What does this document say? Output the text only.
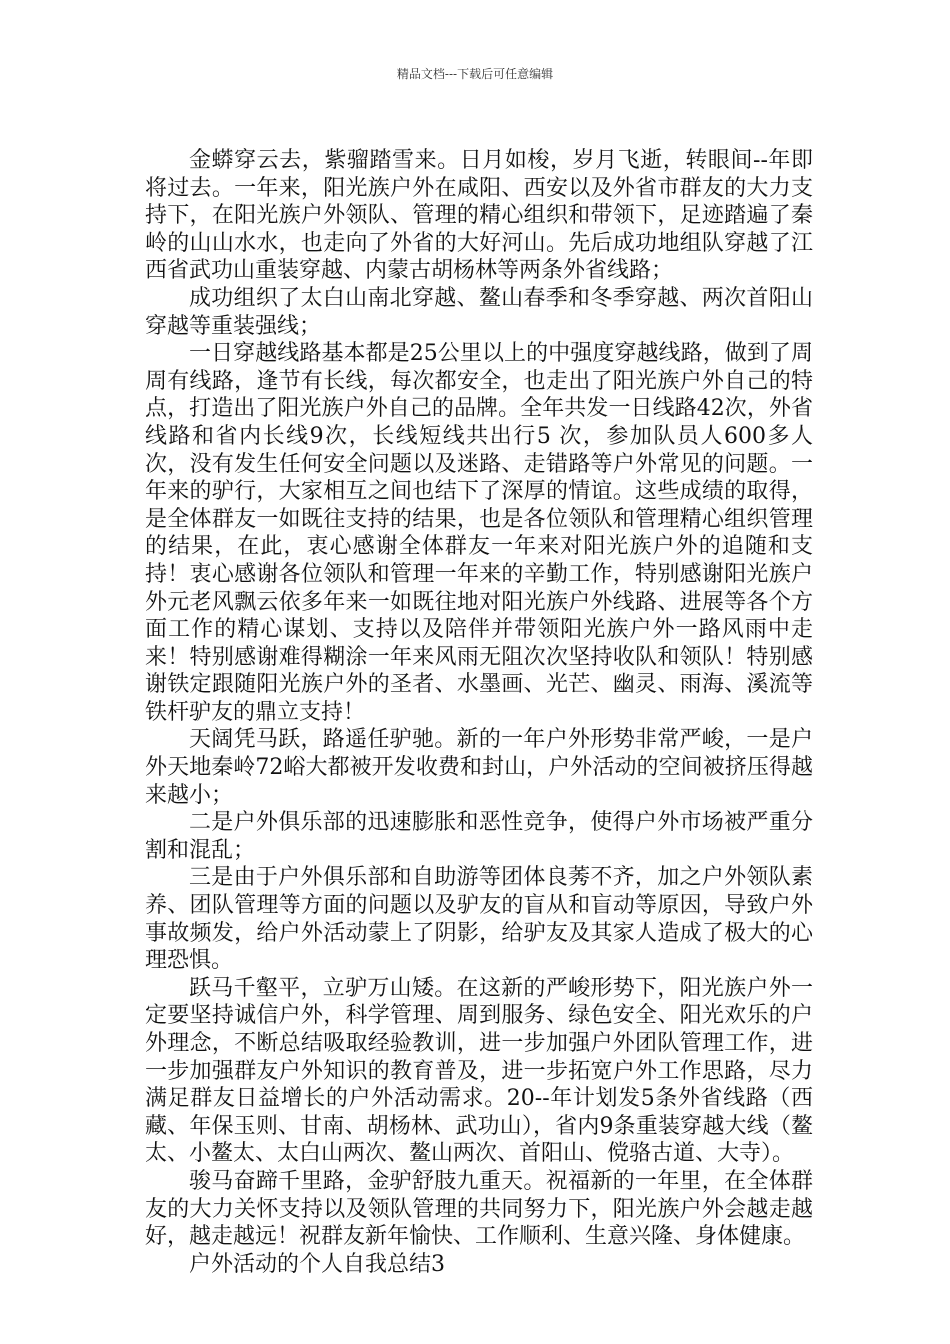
精品文档---下载后可任意编辑

金蟒穿云去，紫骝踏雪来。日月如梭，岁月飞逝，转眼间--年即将过去。一年来，阳光族户外在咸阳、西安以及外省市群友的大力支持下，在阳光族户外领队、管理的精心组织和带领下，足迹踏遍了秦岭的山山水水，也走向了外省的大好河山。先后成功地组队穿越了江西省武功山重装穿越、内蒙古胡杨林等两条外省线路；

成功组织了太白山南北穿越、鳌山春季和冬季穿越、两次首阳山穿越等重装强线；

一日穿越线路基本都是25公里以上的中强度穿越线路，做到了周周有线路，逢节有长线，每次都安全，也走出了阳光族户外自己的特点，打造出了阳光族户外自己的品牌。全年共发一日线路42次，外省线路和省内长线9次，长线短线共出行5 次，参加队员人600多人次，没有发生任何安全问题以及迷路、走错路等户外常见的问题。一年来的驴行，大家相互之间也结下了深厚的情谊。这些成绩的取得，是全体群友一如既往支持的结果，也是各位领队和管理精心组织管理的结果，在此，衷心感谢全体群友一年来对阳光族户外的追随和支持！衷心感谢各位领队和管理一年来的辛勤工作，特别感谢阳光族户外元老风飘云依多年来一如既往地对阳光族户外线路、进展等各个方面工作的精心谋划、支持以及陪伴并带领阳光族户外一路风雨中走来！特别感谢难得糊涂一年来风雨无阻次次坚持收队和领队！特别感谢铁定跟随阳光族户外的圣者、水墨画、光芒、幽灵、雨海、溪流等铁杆驴友的鼎立支持！

天阔凭马跃，路遥任驴驰。新的一年户外形势非常严峻，一是户外天地秦岭72峪大都被开发收费和封山，户外活动的空间被挤压得越来越小；

二是户外俱乐部的迅速膨胀和恶性竞争，使得户外市场被严重分割和混乱；

三是由于户外俱乐部和自助游等团体良莠不齐，加之户外领队素养、团队管理等方面的问题以及驴友的盲从和盲动等原因，导致户外事故频发，给户外活动蒙上了阴影，给驴友及其家人造成了极大的心理恐惧。

跃马千壑平，立驴万山矮。在这新的严峻形势下，阳光族户外一定要坚持诚信户外，科学管理、周到服务、绿色安全、阳光欢乐的户外理念，不断总结吸取经验教训，进一步加强户外团队管理工作，进一步加强群友户外知识的教育普及，进一步拓宽户外工作思路，尽力满足群友日益增长的户外活动需求。20--年计划发5条外省线路（西藏、年保玉则、甘南、胡杨林、武功山），省内9条重装穿越大线（鳌太、小鳌太、太白山两次、鳌山两次、首阳山、傥骆古道、大寺）。

骏马奋蹄千里路，金驴舒肢九重天。祝福新的一年里，在全体群友的大力关怀支持以及领队管理的共同努力下，阳光族户外会越走越好，越走越远！祝群友新年愉快、工作顺利、生意兴隆、身体健康。

户外活动的个人自我总结3
